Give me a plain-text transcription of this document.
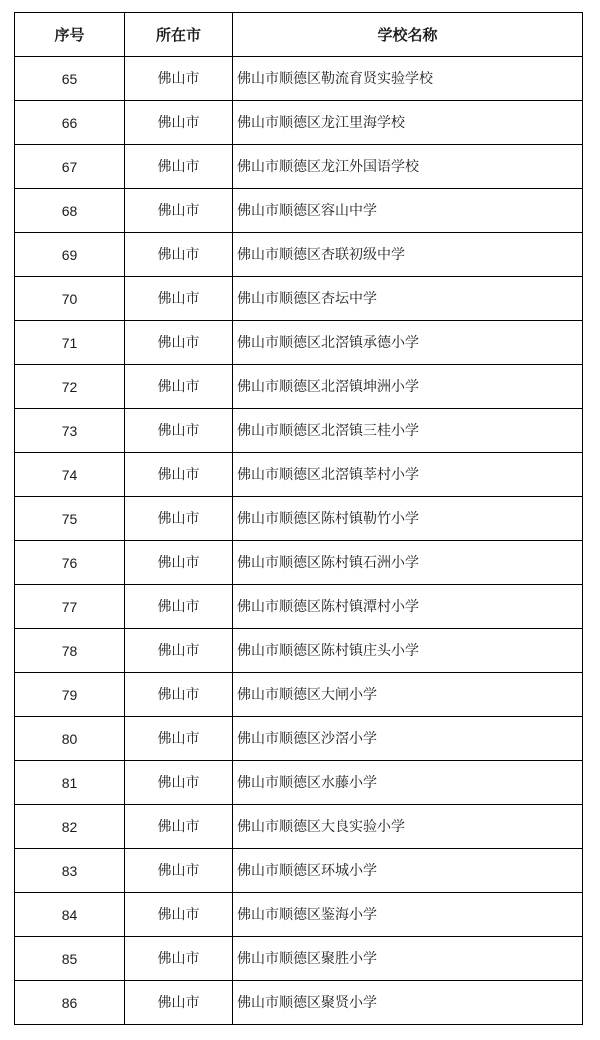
序号	所在市	学校名称
65	佛山市	佛山市顺德区勒流育贤实验学校
66	佛山市	佛山市顺德区龙江里海学校
67	佛山市	佛山市顺德区龙江外国语学校
68	佛山市	佛山市顺德区容山中学
69	佛山市	佛山市顺德区杏联初级中学
70	佛山市	佛山市顺德区杏坛中学
71	佛山市	佛山市顺德区北滘镇承德小学
72	佛山市	佛山市顺德区北滘镇坤洲小学
73	佛山市	佛山市顺德区北滘镇三桂小学
74	佛山市	佛山市顺德区北滘镇莘村小学
75	佛山市	佛山市顺德区陈村镇勒竹小学
76	佛山市	佛山市顺德区陈村镇石洲小学
77	佛山市	佛山市顺德区陈村镇潭村小学
78	佛山市	佛山市顺德区陈村镇庄头小学
79	佛山市	佛山市顺德区大闸小学
80	佛山市	佛山市顺德区沙滘小学
81	佛山市	佛山市顺德区水藤小学
82	佛山市	佛山市顺德区大良实验小学
83	佛山市	佛山市顺德区环城小学
84	佛山市	佛山市顺德区鉴海小学
85	佛山市	佛山市顺德区聚胜小学
86	佛山市	佛山市顺德区聚贤小学
